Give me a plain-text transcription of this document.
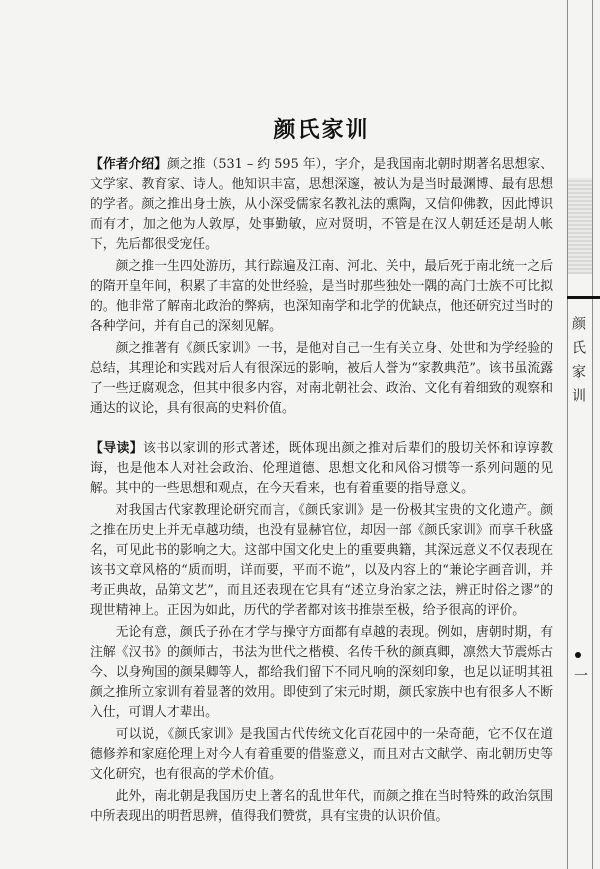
颜氏家训
一
颜氏家训

【作者介绍】颜之推（531 – 约 595 年），字介，是我国南北朝时期著名思想家、文学家、教育家、诗人。他知识丰富，思想深邃，被认为是当时最渊博、最有思想的学者。颜之推出身士族，从小深受儒家名教礼法的熏陶，又信仰佛教，因此博识而有才，加之他为人敦厚，处事勤敏，应对贤明，不管是在汉人朝廷还是胡人帐下，先后都很受宠任。

颜之推一生四处游历，其行踪遍及江南、河北、关中，最后死于南北统一之后的隋开皇年间，积累了丰富的处世经验，是当时那些独处一隅的高门士族不可比拟的。他非常了解南北政治的弊病，也深知南学和北学的优缺点，他还研究过当时的各种学问，并有自己的深刻见解。

颜之推著有《颜氏家训》一书，是他对自己一生有关立身、处世和为学经验的总结，其理论和实践对后人有很深远的影响，被后人誉为“家教典范”。该书虽流露了一些迂腐观念，但其中很多内容，对南北朝社会、政治、文化有着细致的观察和通达的议论，具有很高的史料价值。

【导读】该书以家训的形式著述，既体现出颜之推对后辈们的殷切关怀和谆谆教诲，也是他本人对社会政治、伦理道德、思想文化和风俗习惯等一系列问题的见解。其中的一些思想和观点，在今天看来，也有着重要的指导意义。

对我国古代家教理论研究而言，《颜氏家训》是一份极其宝贵的文化遗产。颜之推在历史上并无卓越功绩，也没有显赫官位，却因一部《颜氏家训》而享千秋盛名，可见此书的影响之大。这部中国文化史上的重要典籍，其深远意义不仅表现在该书文章风格的“质而明，详而要，平而不诡”，以及内容上的“兼论字画音训，并考正典故，品第文艺”，而且还表现在它具有“述立身治家之法，辨正时俗之谬”的现世精神上。正因为如此，历代的学者都对该书推崇至极，给予很高的评价。

无论有意，颜氏子孙在才学与操守方面都有卓越的表现。例如，唐朝时期，有注解《汉书》的颜师古，书法为世代之楷模、名传千秋的颜真卿，凛然大节震烁古今、以身殉国的颜杲卿等人，都给我们留下不同凡响的深刻印象，也足以证明其祖颜之推所立家训有着显著的效用。即使到了宋元时期，颜氏家族中也有很多人不断入仕，可谓人才辈出。

可以说，《颜氏家训》是我国古代传统文化百花园中的一朵奇葩，它不仅在道德修养和家庭伦理上对今人有着重要的借鉴意义，而且对古文献学、南北朝历史等文化研究，也有很高的学术价值。

此外，南北朝是我国历史上著名的乱世年代，而颜之推在当时特殊的政治氛围中所表现出的明哲思辨，值得我们赞赏，具有宝贵的认识价值。
